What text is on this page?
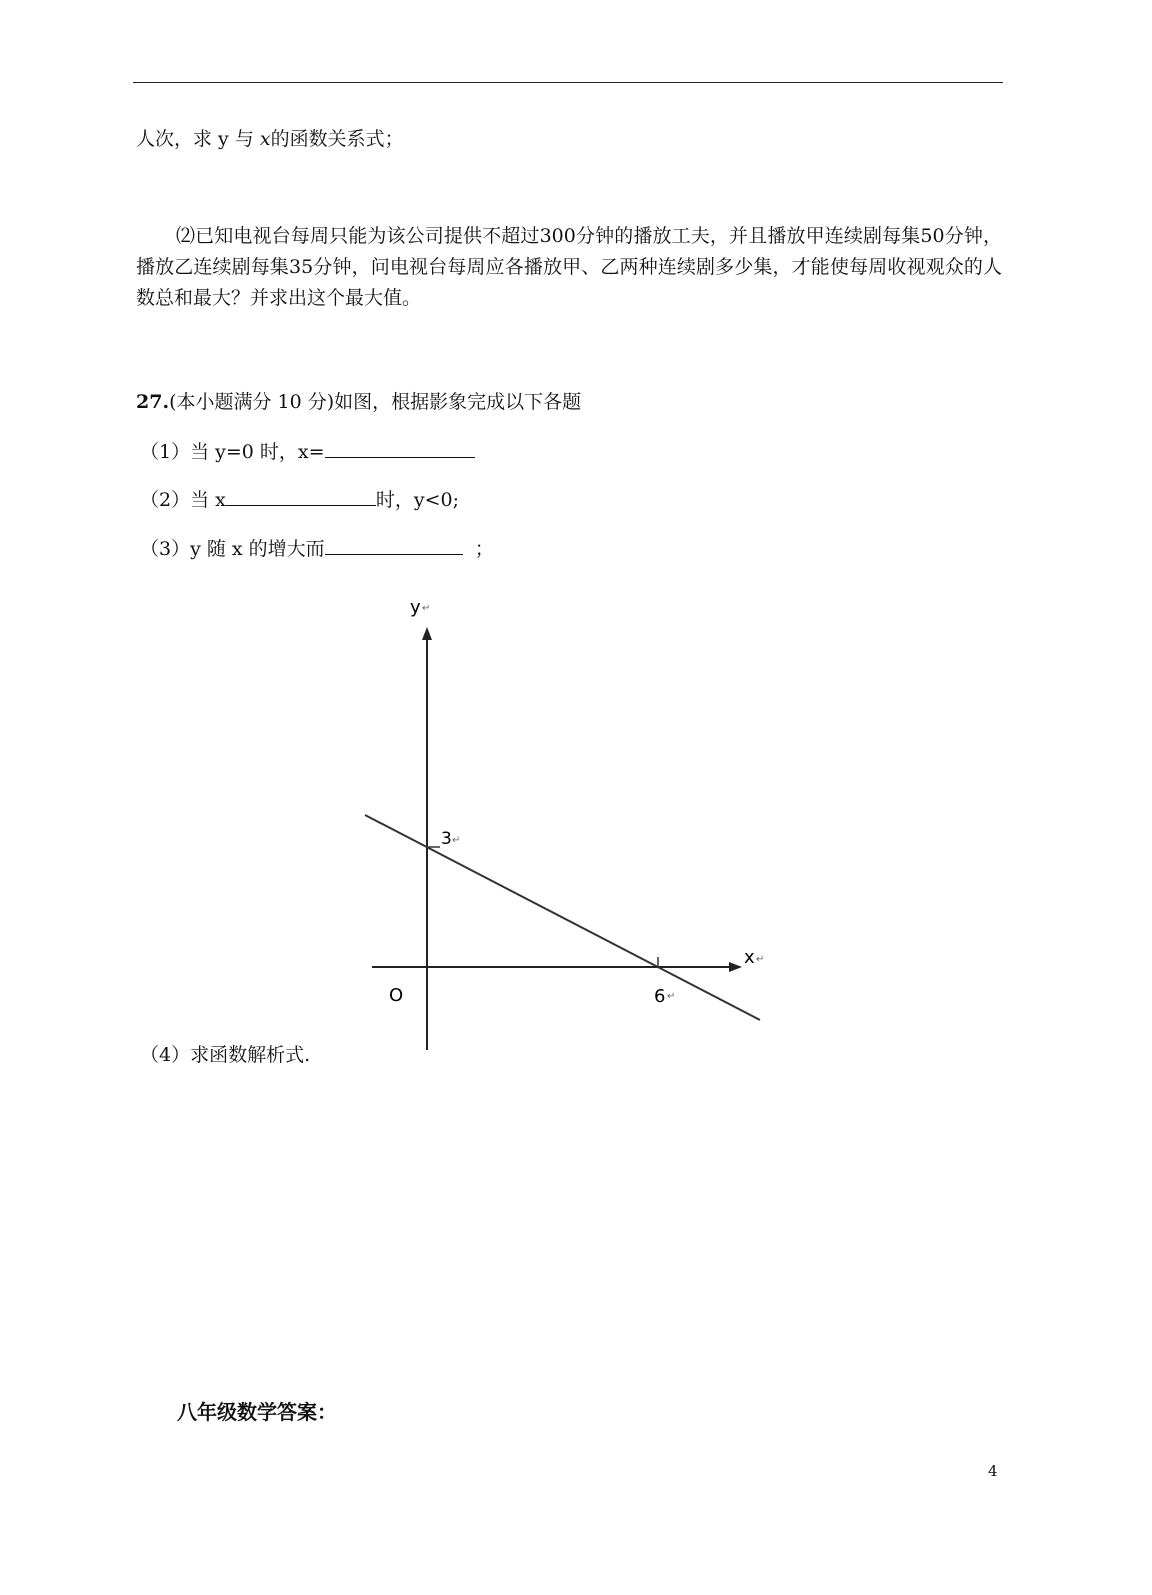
人次，求 y 与 x的函数关系式；
⑵已知电视台每周只能为该公司提供不超过300分钟的播放工夫，并且播放甲连续剧每集50分钟，播放乙连续剧每集35分钟，问电视台每周应各播放甲、乙两种连续剧多少集，才能使每周收视观众的人数总和最大？并求出这个最大值。
27.(本小题满分 10 分)如图，根据影象完成以下各题
（1）当 y=0 时，x=
（2）当 x	时，y<0;
（3）y 随 x 的增大而	；
y ↵
x ↵
O
3 ↵
6 ↵
（4）求函数解析式.
八年级数学答案：
4
